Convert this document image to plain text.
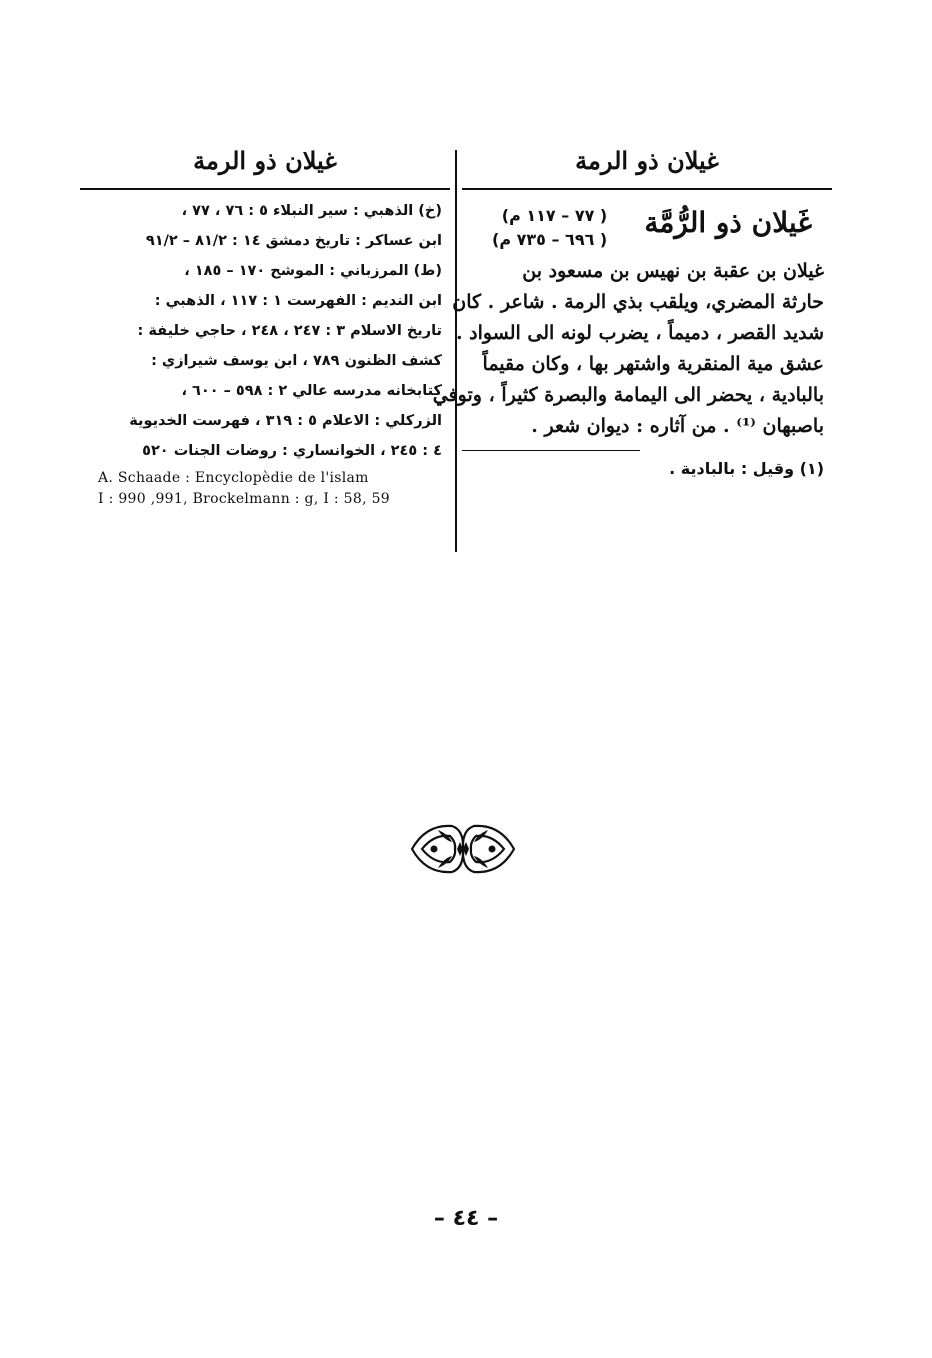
غيلان ذو الرمة
غَيلان ذو الرُّمَّة
( ٧٧ – ١١٧ م)
( ٦٩٦ – ٧٣٥ م)
غيلان بن عقبة بن نهيس بن مسعود بن
حارثة المضري، ويلقب بذي الرمة . شاعر . كان
شديد القصر ، دميماً ، يضرب لونه الى السواد .
عشق مية المنقرية واشتهر بها ، وكان مقيماً
بالبادية ، يحضر الى اليمامة والبصرة كثيراً ، وتوفي
باصبهان ⁽¹⁾ . من آثاره : ديوان شعر .
(١) وقيل : بالبادية .
غيلان ذو الرمة
(خ) الذهبي : سير النبلاء ٥ : ٧٦ ، ٧٧ ،
ابن عساكر : تاريخ دمشق ١٤ : ٨١/٢ – ٩١/٢
(ط) المرزباني : الموشح ١٧٠ – ١٨٥ ،
ابن النديم : الفهرست ١ : ١١٧ ، الذهبي :
تاريخ الاسلام ٣ : ٢٤٧ ، ٢٤٨ ، حاجي خليفة :
كشف الظنون ٧٨٩ ، ابن يوسف شيرازي :
كتابخانه مدرسه عالي ٢ : ٥٩٨ – ٦٠٠ ،
الزركلي : الاعلام ٥ : ٣١٩ ، فهرست الخديوية
٤ : ٢٤٥ ، الخوانساري : روضات الجنات ٥٢٠
A. Schaade : Encyclopèdie de l'islam
I : 990 ,991, Brockelmann : g, I : 58, 59
– ٤٤ –
